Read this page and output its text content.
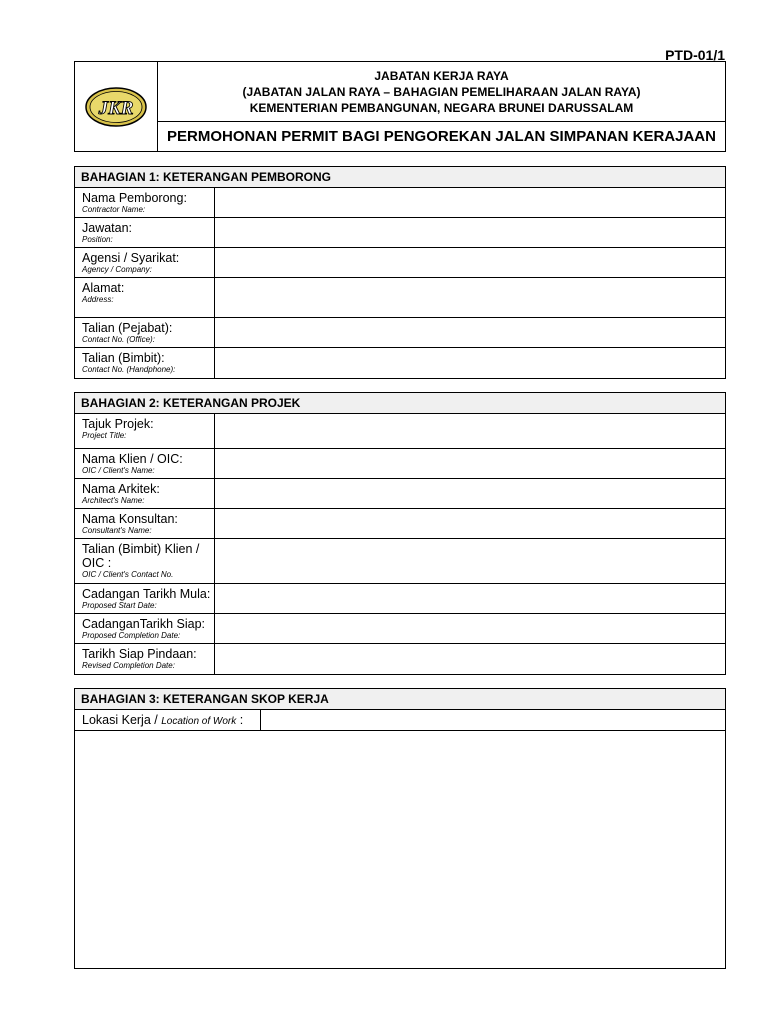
PTD-01/1
JKR
JABATAN KERJA RAYA
(JABATAN JALAN RAYA – BAHAGIAN PEMELIHARAAN JALAN RAYA)
KEMENTERIAN PEMBANGUNAN, NEGARA BRUNEI DARUSSALAM
PERMOHONAN PERMIT BAGI PENGOREKAN JALAN SIMPANAN KERAJAAN
BAHAGIAN 1: KETERANGAN PEMBORONG
Nama Pemborong:
Contractor Name:
Jawatan:
Position:
Agensi / Syarikat:
Agency / Company:
Alamat:
Address:
Talian (Pejabat):
Contact No. (Office):
Talian (Bimbit):
Contact No. (Handphone):
BAHAGIAN 2: KETERANGAN PROJEK
Tajuk Projek:
Project Title:
Nama Klien / OIC:
OIC / Client's Name:
Nama Arkitek:
Architect's Name:
Nama Konsultan:
Consultant's Name:
Talian (Bimbit) Klien / OIC :
OIC / Client's Contact No.
Cadangan Tarikh Mula:
Proposed Start Date:
CadanganTarikh Siap:
Proposed Completion Date:
Tarikh Siap Pindaan:
Revised Completion Date:
BAHAGIAN 3: KETERANGAN SKOP KERJA
Lokasi Kerja / Location of Work :
